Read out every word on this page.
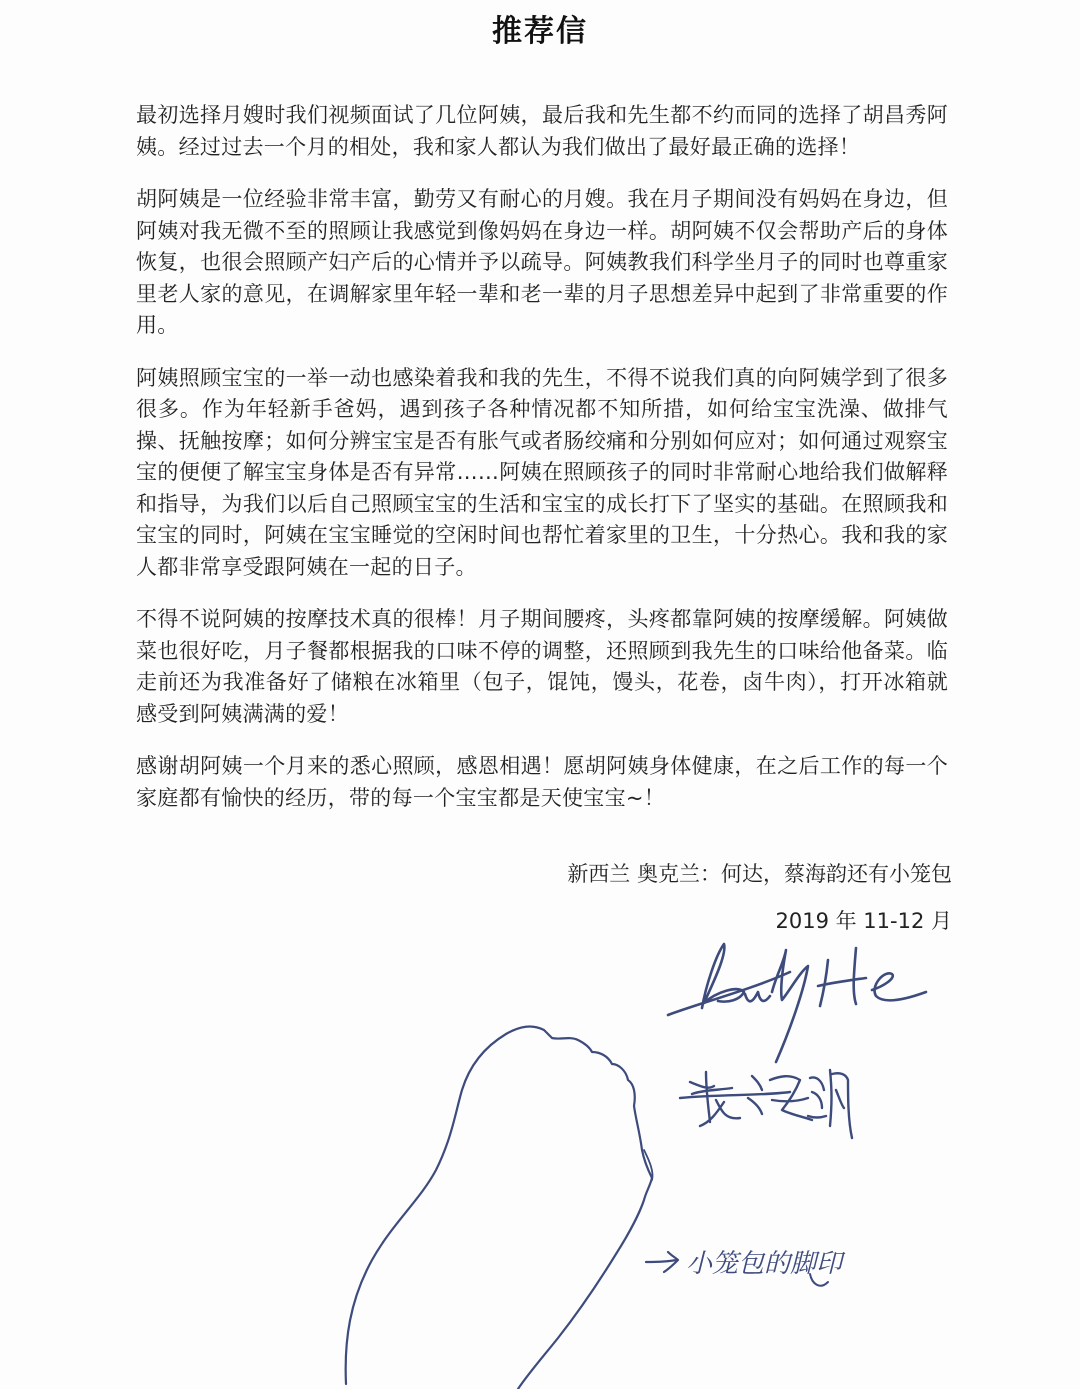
推荐信

最初选择月嫂时我们视频面试了几位阿姨，最后我和先生都不约而同的选择了胡昌秀阿姨。经过过去一个月的相处，我和家人都认为我们做出了最好最正确的选择！

胡阿姨是一位经验非常丰富，勤劳又有耐心的月嫂。我在月子期间没有妈妈在身边，但阿姨对我无微不至的照顾让我感觉到像妈妈在身边一样。胡阿姨不仅会帮助产后的身体恢复，也很会照顾产妇产后的心情并予以疏导。阿姨教我们科学坐月子的同时也尊重家里老人家的意见，在调解家里年轻一辈和老一辈的月子思想差异中起到了非常重要的作用。

阿姨照顾宝宝的一举一动也感染着我和我的先生，不得不说我们真的向阿姨学到了很多很多。作为年轻新手爸妈，遇到孩子各种情况都不知所措，如何给宝宝洗澡、做排气操、抚触按摩；如何分辨宝宝是否有胀气或者肠绞痛和分别如何应对；如何通过观察宝宝的便便了解宝宝身体是否有异常……阿姨在照顾孩子的同时非常耐心地给我们做解释和指导，为我们以后自己照顾宝宝的生活和宝宝的成长打下了坚实的基础。在照顾我和宝宝的同时，阿姨在宝宝睡觉的空闲时间也帮忙着家里的卫生，十分热心。我和我的家人都非常享受跟阿姨在一起的日子。

不得不说阿姨的按摩技术真的很棒！月子期间腰疼，头疼都靠阿姨的按摩缓解。阿姨做菜也很好吃，月子餐都根据我的口味不停的调整，还照顾到我先生的口味给他备菜。临走前还为我准备好了储粮在冰箱里（包子，馄饨，馒头，花卷，卤牛肉），打开冰箱就感受到阿姨满满的爱！

感谢胡阿姨一个月来的悉心照顾，感恩相遇！愿胡阿姨身体健康，在之后工作的每一个家庭都有愉快的经历，带的每一个宝宝都是天使宝宝~！

新西兰 奥克兰：何达，蔡海韵还有小笼包
2019 年 11-12 月
小笼包的脚印
